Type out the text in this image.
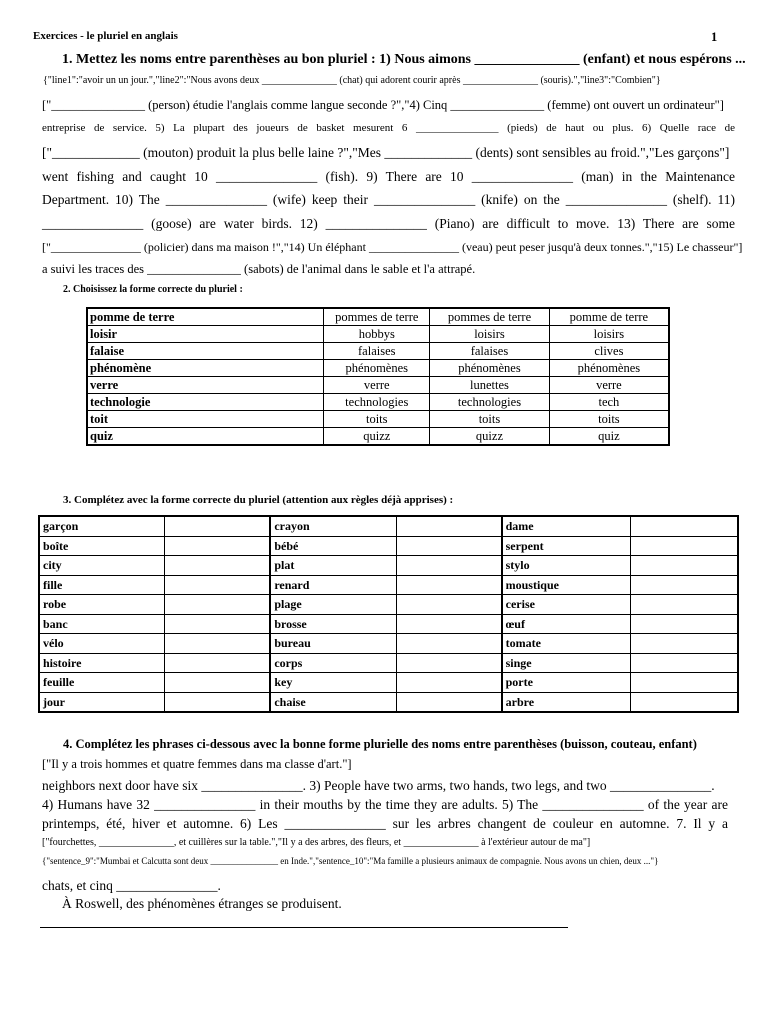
Exercices - le pluriel en anglais	1
1. Mettez les noms entre parenthèses au bon pluriel : 1) Nous aimons _______________ (enfant) et nous espérons ...
{"line1":"avoir un un jour.","line2":"Nous avons deux _______________ (chat) qui adorent courir après _______________ (souris).","line3":"Combien"}
["_______________ (person) étudie l'anglais comme langue seconde ?","4) Cinq _______________ (femme) ont ouvert un ordinateur"]
entreprise de service. 5) La plupart des joueurs de basket mesurent 6 _______________ (pieds) de haut ou plus. 6) Quelle race de
["_____________ (mouton) produit la plus belle laine ?","Mes _____________ (dents) sont sensibles au froid.","Les garçons"]
went fishing and caught 10 _______________ (fish). 9) There are 10 _______________ (man) in the Maintenance
Department. 10) The _______________ (wife) keep their _______________ (knife) on the _______________ (shelf). 11)
_______________ (goose) are water birds. 12) _______________ (Piano) are difficult to move. 13) There are some
["_______________ (policier) dans ma maison !","14) Un éléphant _______________ (veau) peut peser jusqu'à deux tonnes.","15) Le chasseur"]
a suivi les traces des _______________ (sabots) de l'animal dans le sable et l'a attrapé.
2. Choisissez la forme correcte du pluriel :
pomme de terre	pommes de terre	pommes de terre	pomme de terre
loisir	hobbys	loisirs	loisirs
falaise	falaises	falaises	clives
phénomène	phénomènes	phénomènes	phénomènes
verre	verre	lunettes	verre
technologie	technologies	technologies	tech
toit	toits	toits	toits
quiz	quizz	quizz	quiz
3. Complétez avec la forme correcte du pluriel (attention aux règles déjà apprises) :
garçon		crayon		dame	
boîte		bébé		serpent	
city		plat		stylo	
fille		renard		moustique	
robe		plage		cerise	
banc		brosse		œuf	
vélo		bureau		tomate	
histoire		corps		singe	
feuille		key		porte	
jour		chaise		arbre	
4. Complétez les phrases ci-dessous avec la bonne forme plurielle des noms entre parenthèses (buisson, couteau, enfant)
["Il y a trois hommes et quatre femmes dans ma classe d'art."]
neighbors next door have six _______________. 3) People have two arms, two hands, two legs, and two _______________.
4) Humans have 32 _______________ in their mouths by the time they are adults. 5) The _______________ of the year are
printemps, été, hiver et automne. 6) Les _______________ sur les arbres changent de couleur en automne. 7. Il y a
["fourchettes, _______________, et cuillères sur la table.","Il y a des arbres, des fleurs, et _______________ à l'extérieur autour de ma"]
{"sentence_9":"Mumbai et Calcutta sont deux _______________ en Inde.","sentence_10":"Ma famille a plusieurs animaux de compagnie. Nous avons un chien, deux ..."}
chats, et cinq _______________.
À Roswell, des phénomènes étranges se produisent.
